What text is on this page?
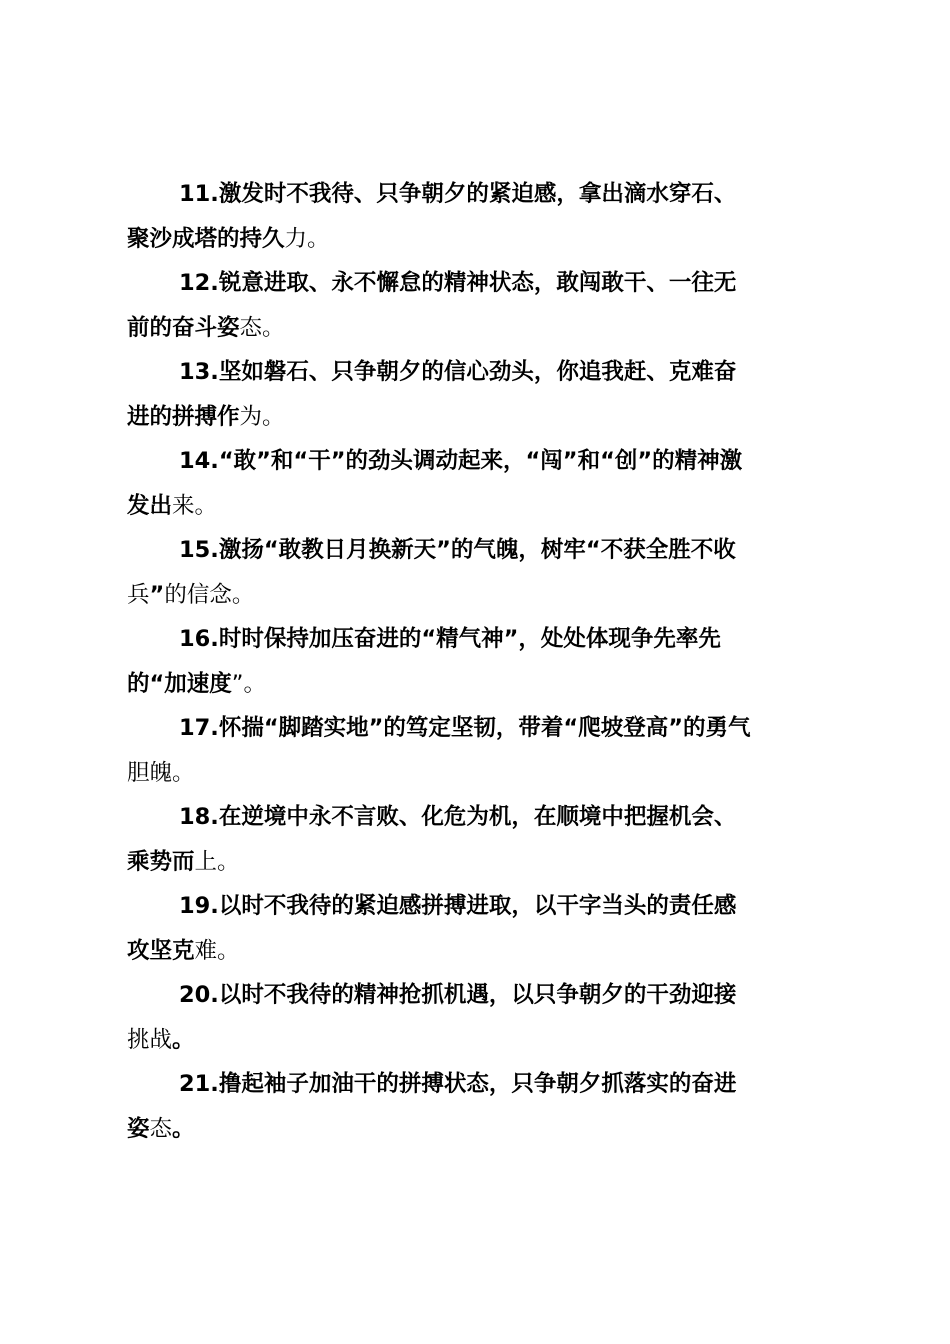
11.激发时不我待、只争朝夕的紧迫感，拿出滴水穿石、
聚沙成塔的持久力。

12.锐意进取、永不懈怠的精神状态，敢闯敢干、一往无
前的奋斗姿态。

13.坚如磐石、只争朝夕的信心劲头，你追我赶、克难奋
进的拼搏作为。

14.“敢”和“干”的劲头调动起来，“闯”和“创”的精神激
发出来。

15.激扬“敢教日月换新天”的气魄，树牢“不获全胜不收
兵”的信念。

16.时时保持加压奋进的“精气神”，处处体现争先率先
的“加速度”。

17.怀揣“脚踏实地”的笃定坚韧，带着“爬坡登高”的勇气
胆魄。

18.在逆境中永不言败、化危为机，在顺境中把握机会、
乘势而上。

19.以时不我待的紧迫感拼搏进取，以干字当头的责任感
攻坚克难。

20.以时不我待的精神抢抓机遇，以只争朝夕的干劲迎接
挑战。

21.撸起袖子加油干的拼搏状态，只争朝夕抓落实的奋进
姿态。
